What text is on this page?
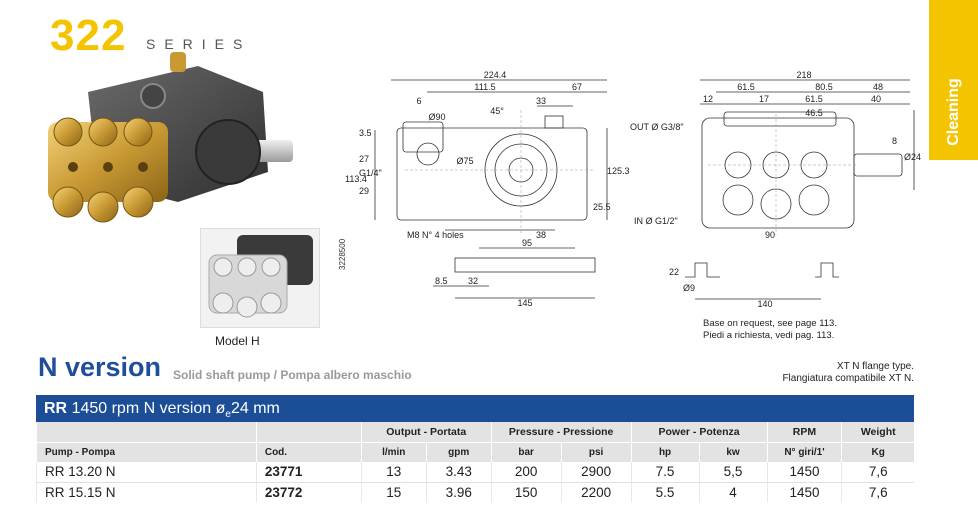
322 SERIES
Cleaning
Model H
224.4
111.5	67
6	33
45°
Ø90
Ø75
3.5
27
G1/4"
29
113.4
125.3
25.5
38
M8 N° 4 holes
218
61.5	80.5	48
12	17	61.5	40
46.5
OUT Ø G3/8"
IN Ø G1/2"
8
Ø24
90
95
8.5 32
145
3228500
22
Ø9
140
Base on request, see page 113.
Piedi a richiesta, vedi pag. 113.
N version Solid shaft pump / Pompa albero maschio
XT N flange type.
Flangiatura compatibile XT N.
RR 1450 rpm N version $ø_e24$ mm
		Output - Portata		Pressure - Pressione		Power - Potenza		RPM	Weight
Pump - Pompa	Cod.	l/min	gpm	bar	psi	hp	kw	N° giri/1'	Kg
RR 13.20 N	23771	13	3.43	200	2900	7.5	5,5	1450	7,6
RR 15.15 N	23772	15	3.96	150	2200	5.5	4	1450	7,6
